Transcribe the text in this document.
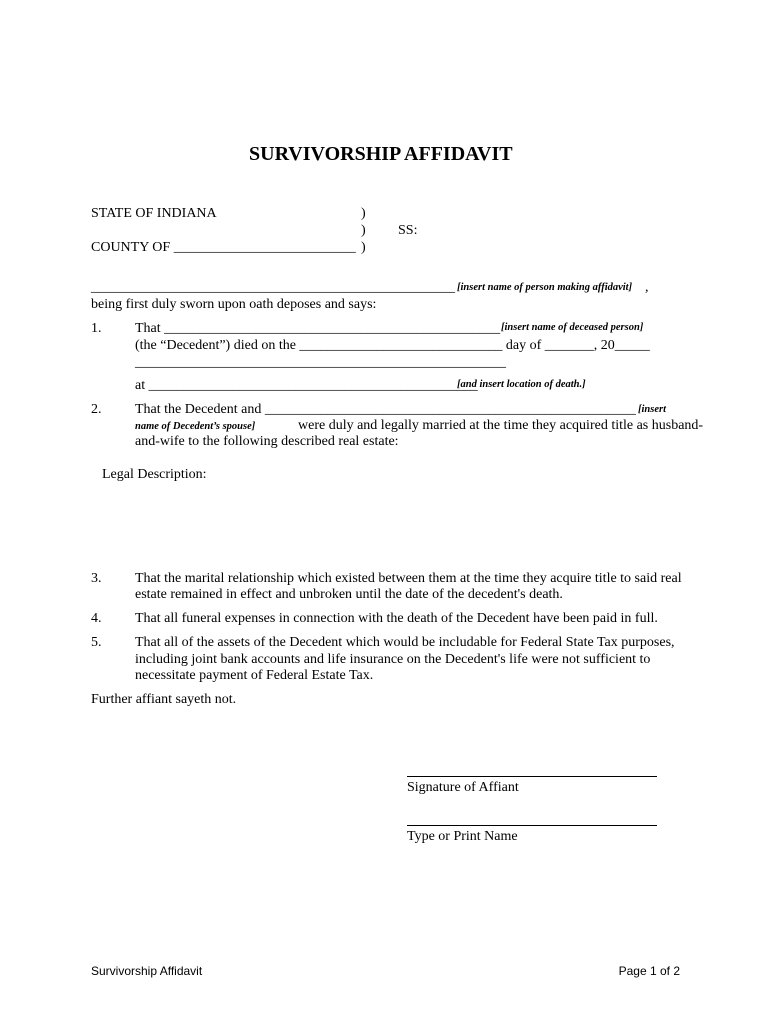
SURVIVORSHIP AFFIDAVIT
STATE OF INDIANA	)
) SS:
COUNTY OF __________________________ )
____________________________________________________ [insert name of person making affidavit] ,
being first duly sworn upon oath deposes and says:
1. That ________________________________________________ [insert name of deceased person]
(the “Decedent”) died on the _____________________________ day of _______, 20_____
_____________________________________________________
at _______________________________________________
[and insert location of death.]
2. That the Decedent and _____________________________________________________ [insert
name of Decedent’s spouse]	were duly and legally married at the time they acquired title as husband-
and-wife to the following described real estate:
Legal Description:
3. That the marital relationship which existed between them at the time they acquire title to said real
estate remained in effect and unbroken until the date of the decedent's death.
4. That all funeral expenses in connection with the death of the Decedent have been paid in full.
5. That all of the assets of the Decedent which would be includable for Federal State Tax purposes,
including joint bank accounts and life insurance on the Decedent's life were not sufficient to
necessitate payment of Federal Estate Tax.
Further affiant sayeth not.
Signature of Affiant
Type or Print Name
Survivorship Affidavit	Page 1 of 2
